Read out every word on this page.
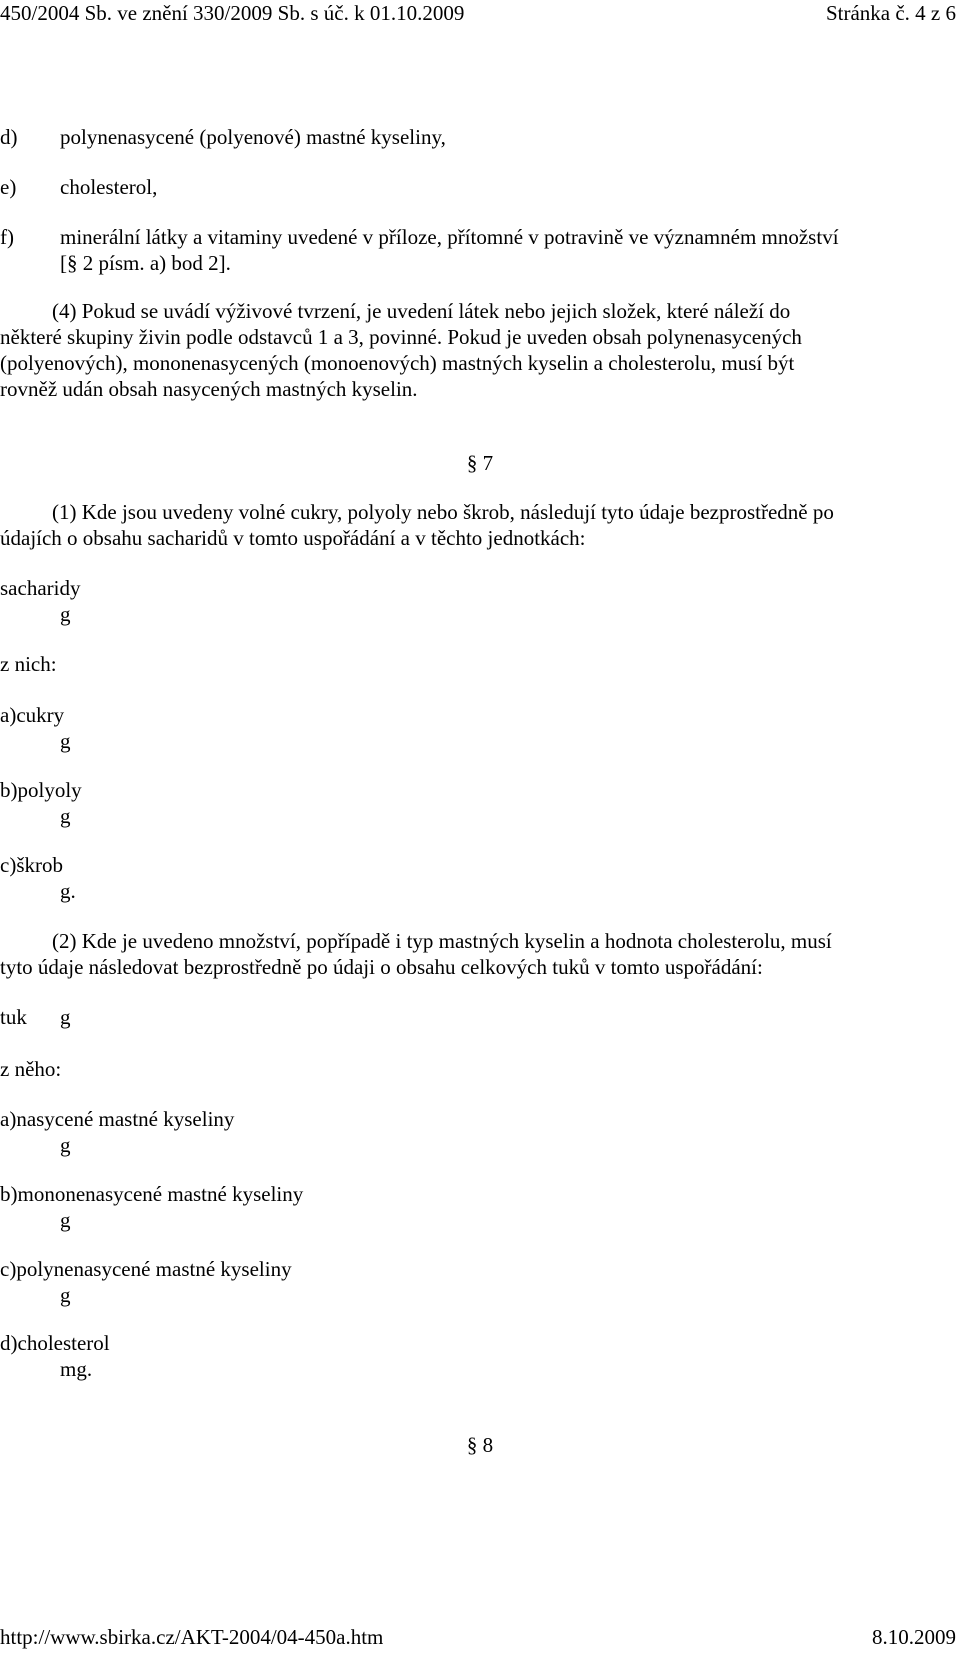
450/2004 Sb. ve znění 330/2009 Sb. s úč. k 01.10.2009	Stránka č. 4 z 6
d) polynenasycené (polyenové) mastné kyseliny,
e) cholesterol,
f) minerální látky a vitaminy uvedené v příloze, přítomné v potravině ve významném množství
[§ 2 písm. a) bod 2].
(4) Pokud se uvádí výživové tvrzení, je uvedení látek nebo jejich složek, které náleží do
některé skupiny živin podle odstavců 1 a 3, povinné. Pokud je uveden obsah polynenasycených
(polyenových), mononenasycených (monoenových) mastných kyselin a cholesterolu, musí být
rovněž udán obsah nasycených mastných kyselin.
§ 7
(1) Kde jsou uvedeny volné cukry, polyoly nebo škrob, následují tyto údaje bezprostředně po
údajích o obsahu sacharidů v tomto uspořádání a v těchto jednotkách:
sacharidy
g
z nich:
a)cukry
g
b)polyoly
g
c)škrob
g.
(2) Kde je uvedeno množství, popřípadě i typ mastných kyselin a hodnota cholesterolu, musí
tyto údaje následovat bezprostředně po údaji o obsahu celkových tuků v tomto uspořádání:
tuk g
z něho:
a)nasycené mastné kyseliny
g
b)mononenasycené mastné kyseliny
g
c)polynenasycené mastné kyseliny
g
d)cholesterol
mg.
§ 8
http://www.sbirka.cz/AKT-2004/04-450a.htm	8.10.2009
